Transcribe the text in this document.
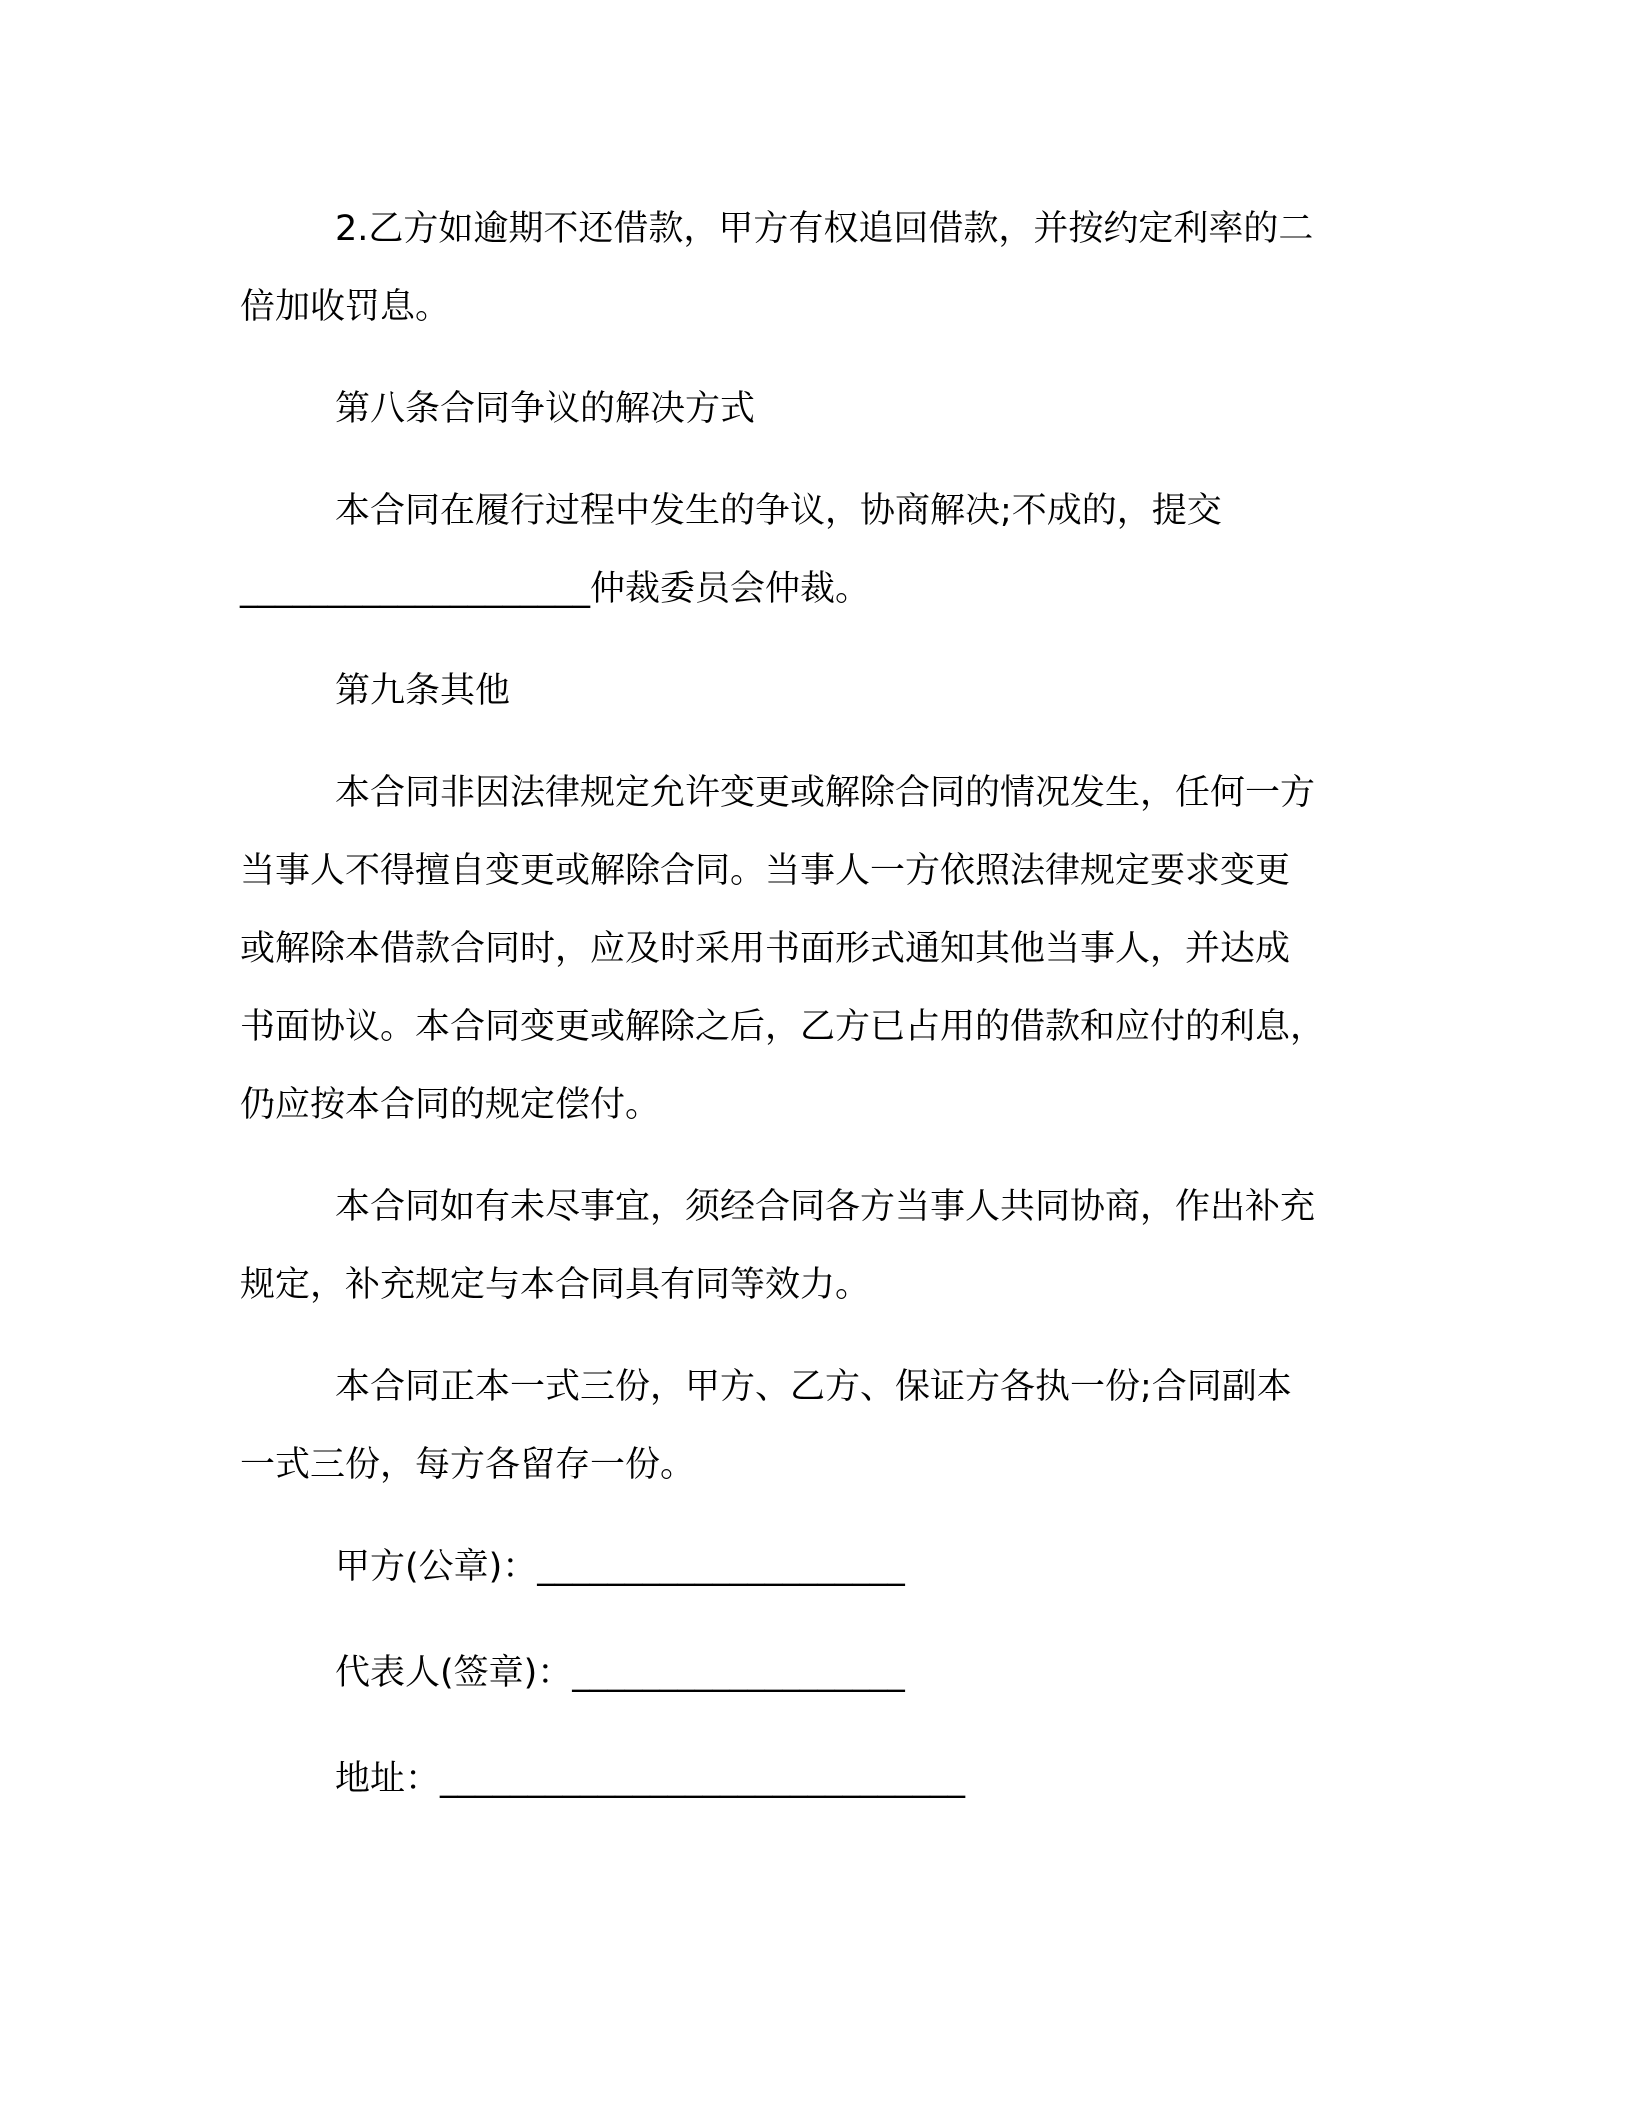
2.乙方如逾期不还借款，甲方有权追回借款，并按约定利率的二
倍加收罚息。

第八条合同争议的解决方式

本合同在履行过程中发生的争议，协商解决;不成的，提交
____________________仲裁委员会仲裁。

第九条其他

本合同非因法律规定允许变更或解除合同的情况发生，任何一方
当事人不得擅自变更或解除合同。当事人一方依照法律规定要求变更
或解除本借款合同时，应及时采用书面形式通知其他当事人，并达成
书面协议。本合同变更或解除之后，乙方已占用的借款和应付的利息，
仍应按本合同的规定偿付。

本合同如有未尽事宜，须经合同各方当事人共同协商，作出补充
规定，补充规定与本合同具有同等效力。

本合同正本一式三份，甲方、乙方、保证方各执一份;合同副本
一式三份，每方各留存一份。

甲方(公章)：_____________________
代表人(签章)：___________________
地址：______________________________
